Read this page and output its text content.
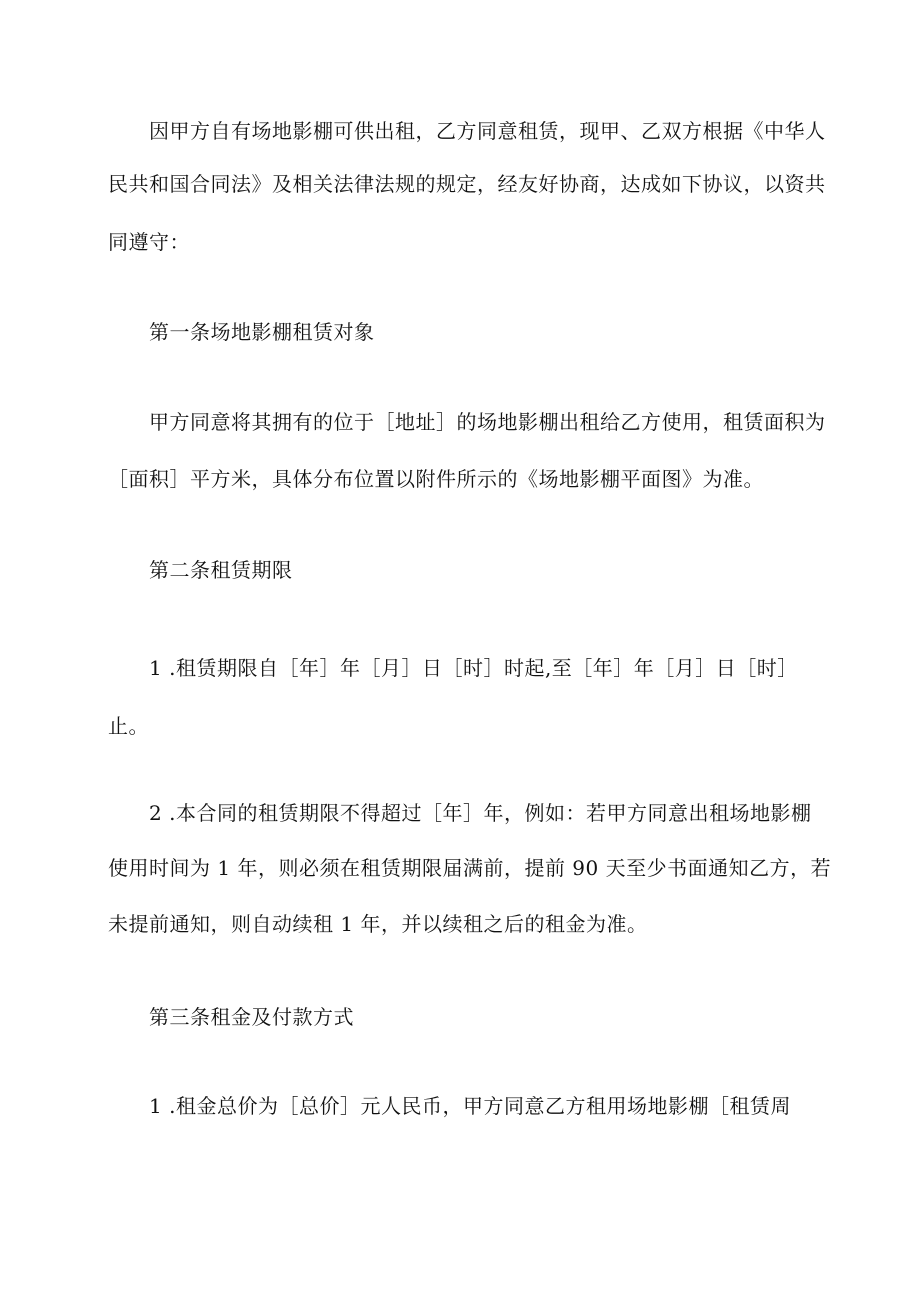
因甲方自有场地影棚可供出租，乙方同意租赁，现甲、乙双方根据《中华人
民共和国合同法》及相关法律法规的规定，经友好协商，达成如下协议，以资共
同遵守：
第一条场地影棚租赁对象
甲方同意将其拥有的位于［地址］的场地影棚出租给乙方使用，租赁面积为
［面积］平方米，具体分布位置以附件所示的《场地影棚平面图》为准。
第二条租赁期限
1 .租赁期限自［年］年［月］日［时］时起,至［年］年［月］日［时］
止。
2 .本合同的租赁期限不得超过［年］年，例如：若甲方同意出租场地影棚
使用时间为 1 年，则必须在租赁期限届满前，提前 90 天至少书面通知乙方，若
未提前通知，则自动续租 1 年，并以续租之后的租金为准。
第三条租金及付款方式
1 .租金总价为［总价］元人民币，甲方同意乙方租用场地影棚［租赁周
